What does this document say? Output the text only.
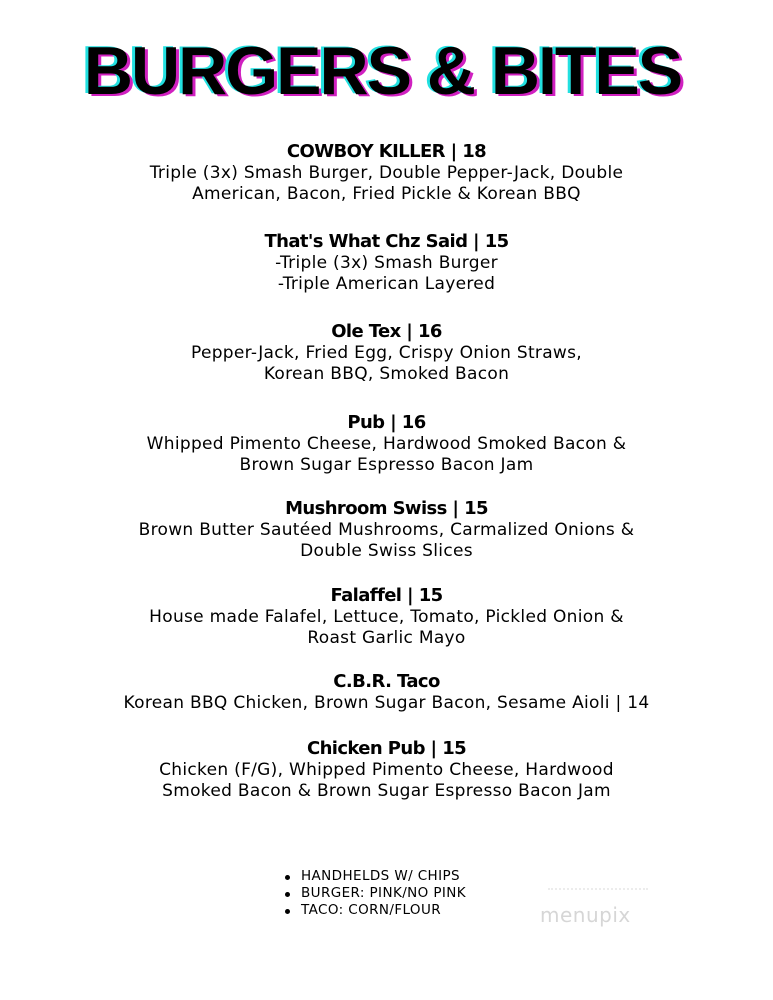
BURGERS & BITES

COWBOY KILLER | 18

Triple (3x) Smash Burger, Double Pepper-Jack, Double
American, Bacon, Fried Pickle & Korean BBQ

That's What Chz Said | 15

-Triple (3x) Smash Burger
-Triple American Layered

Ole Tex | 16

Pepper-Jack, Fried Egg, Crispy Onion Straws,
Korean BBQ, Smoked Bacon

Pub | 16

Whipped Pimento Cheese, Hardwood Smoked Bacon &
Brown Sugar Espresso Bacon Jam

Mushroom Swiss | 15

Brown Butter Sautéed Mushrooms, Carmalized Onions &
Double Swiss Slices

Falaffel | 15

House made Falafel, Lettuce, Tomato, Pickled Onion &
Roast Garlic Mayo

C.B.R. Taco

Korean BBQ Chicken, Brown Sugar Bacon, Sesame Aioli | 14

Chicken Pub | 15

Chicken (F/G), Whipped Pimento Cheese, Hardwood
Smoked Bacon & Brown Sugar Espresso Bacon Jam

HANDHELDS W/ CHIPS
BURGER: PINK/NO PINK
TACO: CORN/FLOUR	menupix
